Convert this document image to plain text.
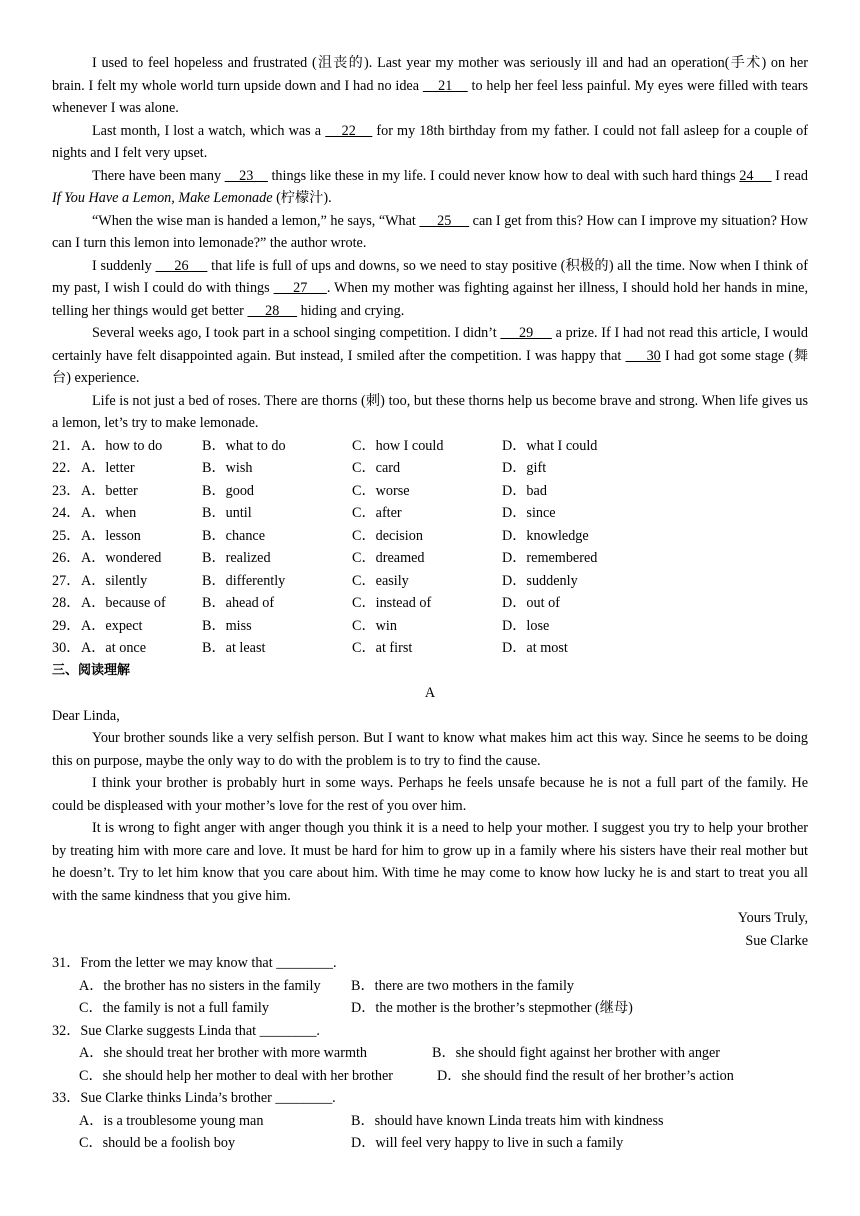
I used to feel hopeless and frustrated (沮丧的). Last year my mother was seriously ill and had an operation(手术) on her brain. I felt my whole world turn upside down and I had no idea     21     to help her feel less painful. My eyes were filled with tears whenever I was alone.

Last month, I lost a watch, which was a     22     for my 18th birthday from my father. I could not fall asleep for a couple of nights and I felt very upset.

There have been many     23     things like these in my life. I could never know how to deal with such hard things 24      I read If You Have a Lemon, Make Lemonade (柠檬汁).

“When the wise man is handed a lemon,” he says, “What      25      can I get from this? How can I improve my situation? How can I turn this lemon into lemonade?” the author wrote.

I suddenly      26      that life is full of ups and downs, so we need to stay positive (积极的) all the time. Now when I think of my past, I wish I could do with things      27     . When my mother was fighting against her illness, I should hold her hands in mine, telling her things would get better      28      hiding and crying.

Several weeks ago, I took part in a school singing competition. I didn’t      29      a prize. If I had not read this article, I would certainly have felt disappointed again. But instead, I smiled after the competition. I was happy that      30 I had got some stage (舞台) experience.

Life is not just a bed of roses. There are thorns (刺) too, but these thorns help us become brave and strong. When life gives us a lemon, let’s try to make lemonade.

21． A．how to do	B．what to do	C．how I could	D．what I could
22． A．letter	B．wish	C．card	D．gift
23． A．better	B．good	C．worse	D．bad
24． A．when	B．until	C．after	D．since
25． A．lesson	B．chance	C．decision	D．knowledge
26． A．wondered	B．realized	C．dreamed	D．remembered
27． A．silently	B．differently	C．easily	D．suddenly
28． A．because of	B．ahead of	C．instead of	D．out of
29． A．expect	B．miss	C．win	D．lose
30． A．at once	B．at least	C．at first	D．at most
三、阅读理解
A

Dear Linda,

Your brother sounds like a very selfish person. But I want to know what makes him act this way. Since he seems to be doing this on purpose, maybe the only way to do with the problem is to try to find the cause.

I think your brother is probably hurt in some ways. Perhaps he feels unsafe because he is not a full part of the family. He could be displeased with your mother’s love for the rest of you over him.

It is wrong to fight anger with anger though you think it is a need to help your mother. I suggest you try to help your brother by treating him with more care and love. It must be hard for him to grow up in a family where his sisters have their real mother but he doesn’t. Try to let him know that you care about him. With time he may come to know how lucky he is and start to treat you all with the same kindness that you give him.

Yours Truly,
Sue Clarke
31．From the letter we may know that ________.
A．the brother has no sisters in the family B．there are two mothers in the family
C．the family is not a full family	D．the mother is the brother’s stepmother (继母)
32．Sue Clarke suggests Linda that ________.
A．she should treat her brother with more warmth	B．she should fight against her brother with anger
C．she should help her mother to deal with her brother	D．she should find the result of her brother’s action
33．Sue Clarke thinks Linda’s brother ________.
A．is a troublesome young man	B．should have known Linda treats him with kindness
C．should be a foolish boy	D．will feel very happy to live in such a family
